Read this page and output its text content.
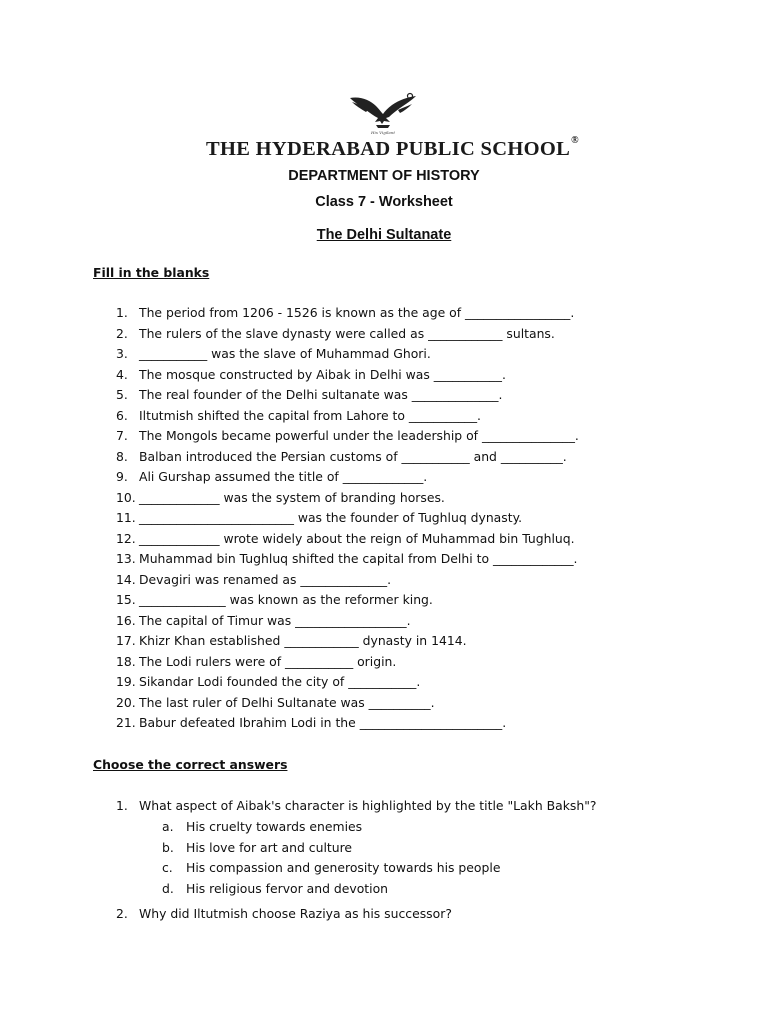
His Vigilant
THE HYDERABAD PUBLIC SCHOOL®
DEPARTMENT OF HISTORY
Class 7 - Worksheet
The Delhi Sultanate
Fill in the blanks
1. The period from 1206 - 1526 is known as the age of _________________.
2. The rulers of the slave dynasty were called as ____________ sultans.
3. ___________ was the slave of Muhammad Ghori.
4. The mosque constructed by Aibak in Delhi was ___________.
5. The real founder of the Delhi sultanate was ______________.
6. Iltutmish shifted the capital from Lahore to ___________.
7. The Mongols became powerful under the leadership of _______________.
8. Balban introduced the Persian customs of ___________ and __________.
9. Ali Gurshap assumed the title of _____________.
10. _____________ was the system of branding horses.
11. _________________________ was the founder of Tughluq dynasty.
12. _____________ wrote widely about the reign of Muhammad bin Tughluq.
13. Muhammad bin Tughluq shifted the capital from Delhi to _____________.
14. Devagiri was renamed as ______________.
15. ______________ was known as the reformer king.
16. The capital of Timur was __________________.
17. Khizr Khan established ____________ dynasty in 1414.
18. The Lodi rulers were of ___________ origin.
19. Sikandar Lodi founded the city of ___________.
20. The last ruler of Delhi Sultanate was __________.
21. Babur defeated Ibrahim Lodi in the _______________________.
Choose the correct answers
1. What aspect of Aibak's character is highlighted by the title "Lakh Baksh"?
a. His cruelty towards enemies
b. His love for art and culture
c. His compassion and generosity towards his people
d. His religious fervor and devotion
2. Why did Iltutmish choose Raziya as his successor?
